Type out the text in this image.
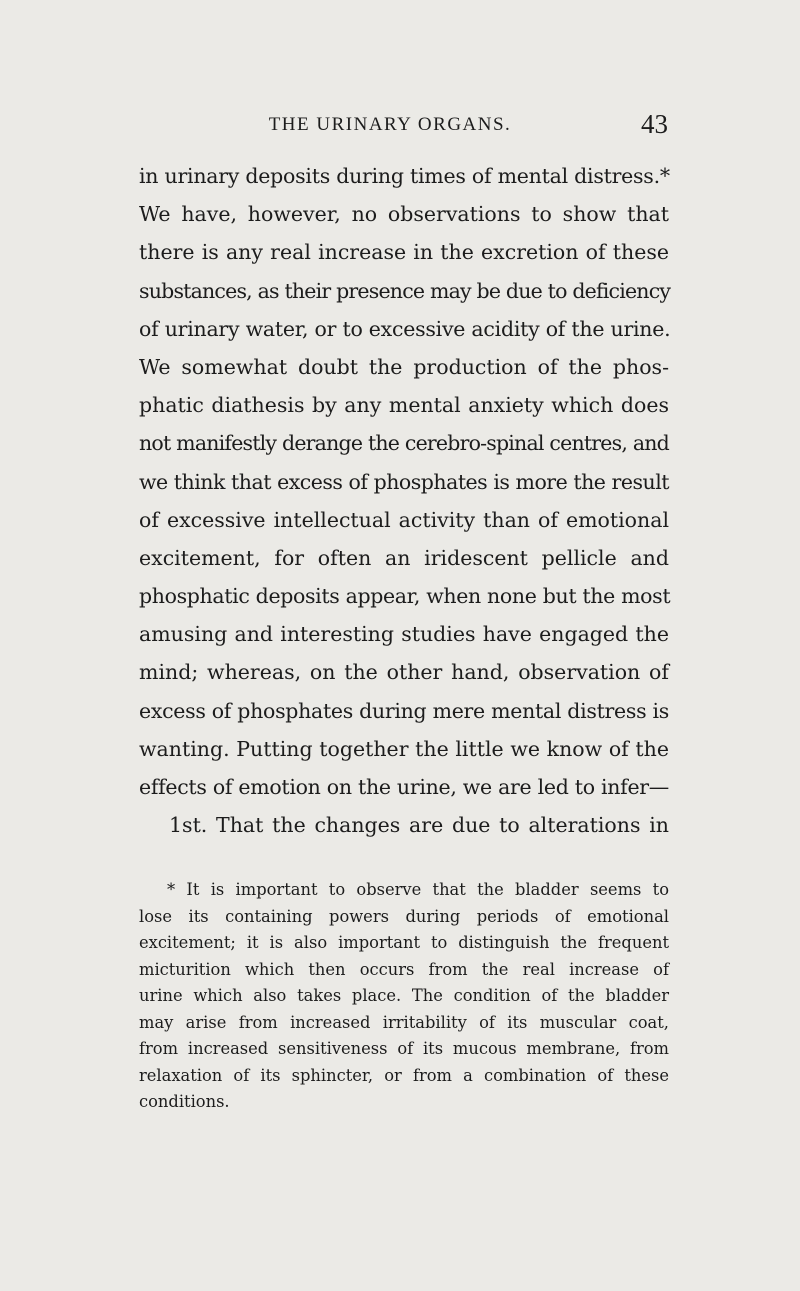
THE URINARY ORGANS.	43
in urinary deposits during times of mental distress.*
We have, however, no observations to show that
there is any real increase in the excretion of these
substances, as their presence may be due to deficiency
of urinary water, or to excessive acidity of the urine.
We somewhat doubt the production of the phos-
phatic diathesis by any mental anxiety which does
not manifestly derange the cerebro-spinal centres, and
we think that excess of phosphates is more the result
of excessive intellectual activity than of emotional
excitement, for often an iridescent pellicle and
phosphatic deposits appear, when none but the most
amusing and interesting studies have engaged the
mind; whereas, on the other hand, observation of
excess of phosphates during mere mental distress is
wanting. Putting together the little we know of the
effects of emotion on the urine, we are led to infer—
1st. That the changes are due to alterations in
* It is important to observe that the bladder seems to
lose its containing powers during periods of emotional
excitement; it is also important to distinguish the frequent
micturition which then occurs from the real increase of
urine which also takes place. The condition of the bladder
may arise from increased irritability of its muscular coat,
from increased sensitiveness of its mucous membrane, from
relaxation of its sphincter, or from a combination of these
conditions.
